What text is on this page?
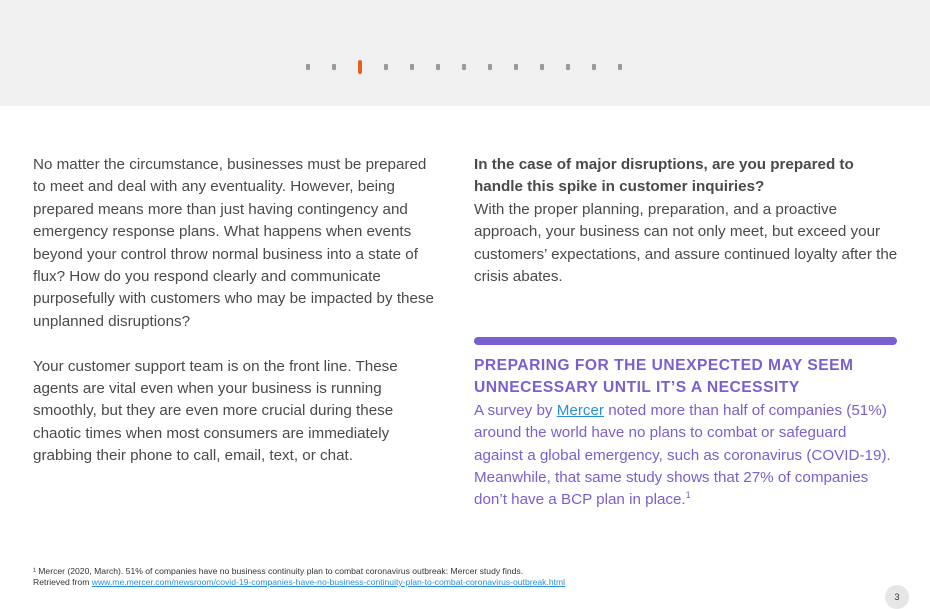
No matter the circumstance, businesses must be prepared to meet and deal with any eventuality. However, being prepared means more than just having contingency and emergency response plans. What happens when events beyond your control throw normal business into a state of flux? How do you respond clearly and communicate purposefully with customers who may be impacted by these unplanned disruptions?

Your customer support team is on the front line. These agents are vital even when your business is running smoothly, but they are even more crucial during these chaotic times when most consumers are immediately grabbing their phone to call, email, text, or chat.

In the case of major disruptions, are you prepared to handle this spike in customer inquiries?

With the proper planning, preparation, and a proactive approach, your business can not only meet, but exceed your customers’ expectations, and assure continued loyalty after the crisis abates.

PREPARING FOR THE UNEXPECTED MAY SEEM UNNECESSARY UNTIL IT’S A NECESSITY

A survey by Mercer noted more than half of companies (51%) around the world have no plans to combat or safeguard against a global emergency, such as coronavirus (COVID-19). Meanwhile, that same study shows that 27% of companies don’t have a BCP plan in place.$^1$

¹ Mercer (2020, March). 51% of companies have no business continuity plan to combat coronavirus outbreak: Mercer study finds.
Retrieved from www.me.mercer.com/newsroom/covid-19-companies-have-no-business-continuity-plan-to-combat-coronavirus-outbreak.html
3
